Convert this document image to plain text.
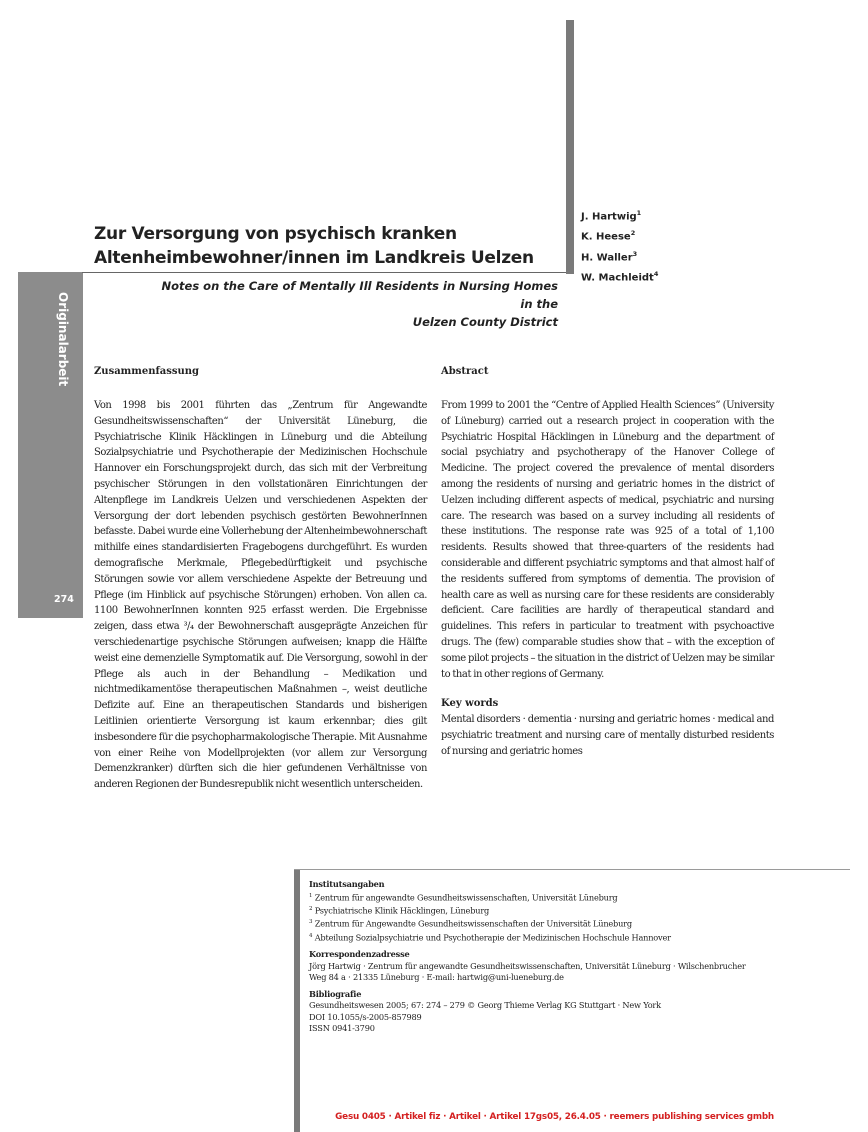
Originalarbeit
274
Zur Versorgung von psychisch kranken
Altenheimbewohner/innen im Landkreis Uelzen
Notes on the Care of Mentally Ill Residents in Nursing Homes in the
Uelzen County District
J. Hartwig$^1$
K. Heese$^2$
H. Waller$^3$
W. Machleidt$^4$
Zusammenfassung
Von 1998 bis 2001 führten das „Zentrum für Angewandte Gesundheitswissenschaften“ der Universität Lüneburg, die Psychiatrische Klinik Häcklingen in Lüneburg und die Abteilung Sozialpsychiatrie und Psychotherapie der Medizinischen Hochschule Hannover ein Forschungsprojekt durch, das sich mit der Verbreitung psychischer Störungen in den vollstationären Einrichtungen der Altenpflege im Landkreis Uelzen und verschiedenen Aspekten der Versorgung der dort lebenden psychisch gestörten BewohnerInnen befasste. Dabei wurde eine Vollerhebung der Altenheimbewohnerschaft mithilfe eines standardisierten Fragebogens durchgeführt. Es wurden demografische Merkmale, Pflegebedürftigkeit und psychische Störungen sowie vor allem verschiedene Aspekte der Betreuung und Pflege (im Hinblick auf psychische Störungen) erhoben. Von allen ca. 1100 BewohnerInnen konnten 925 erfasst werden. Die Ergebnisse zeigen, dass etwa ³/₄ der Bewohnerschaft ausgeprägte Anzeichen für verschiedenartige psychische Störungen aufweisen; knapp die Hälfte weist eine demenzielle Symptomatik auf. Die Versorgung, sowohl in der Pflege als auch in der Behandlung – Medikation und nichtmedikamentöse therapeutischen Maßnahmen –, weist deutliche Defizite auf. Eine an therapeutischen Standards und bisherigen Leitlinien orientierte Versorgung ist kaum erkennbar; dies gilt insbesondere für die psychopharmakologische Therapie. Mit Ausnahme von einer Reihe von Modellprojekten (vor allem zur Versorgung Demenzkranker) dürften sich die hier gefundenen Verhältnisse von anderen Regionen der Bundesrepublik nicht wesentlich unterscheiden.
Abstract
From 1999 to 2001 the “Centre of Applied Health Sciences” (University of Lüneburg) carried out a research project in cooperation with the Psychiatric Hospital Häcklingen in Lüneburg and the department of social psychiatry and psychotherapy of the Hanover College of Medicine. The project covered the prevalence of mental disorders among the residents of nursing and geriatric homes in the district of Uelzen including different aspects of medical, psychiatric and nursing care. The research was based on a survey including all residents of these institutions. The response rate was 925 of a total of 1,100 residents. Results showed that three-quarters of the residents had considerable and different psychiatric symptoms and that almost half of the residents suffered from symptoms of dementia. The provision of health care as well as nursing care for these residents are considerably deficient. Care facilities are hardly of therapeutical standard and guidelines. This refers in particular to treatment with psychoactive drugs. The (few) comparable studies show that – with the exception of some pilot projects – the situation in the district of Uelzen may be similar to that in other regions of Germany.
Key words
Mental disorders · dementia · nursing and geriatric homes · medical and psychiatric treatment and nursing care of mentally disturbed residents of nursing and geriatric homes
Institutsangaben
$^1$ Zentrum für angewandte Gesundheitswissenschaften, Universität Lüneburg
$^2$ Psychiatrische Klinik Häcklingen, Lüneburg
$^3$ Zentrum für Angewandte Gesundheitswissenschaften der Universität Lüneburg
$^4$ Abteilung Sozialpsychiatrie und Psychotherapie der Medizinischen Hochschule Hannover
Korrespondenzadresse
Jörg Hartwig · Zentrum für angewandte Gesundheitswissenschaften, Universität Lüneburg · Wilschenbrucher
Weg 84 a · 21335 Lüneburg · E-mail: hartwig@uni-lueneburg.de
Bibliografie
Gesundheitswesen 2005; 67: 274 – 279 © Georg Thieme Verlag KG Stuttgart · New York
DOI 10.1055/s-2005-857989
ISSN 0941-3790
Gesu 0405 · Artikel fiz · Artikel · Artikel 17gs05, 26.4.05 · reemers publishing services gmbh
